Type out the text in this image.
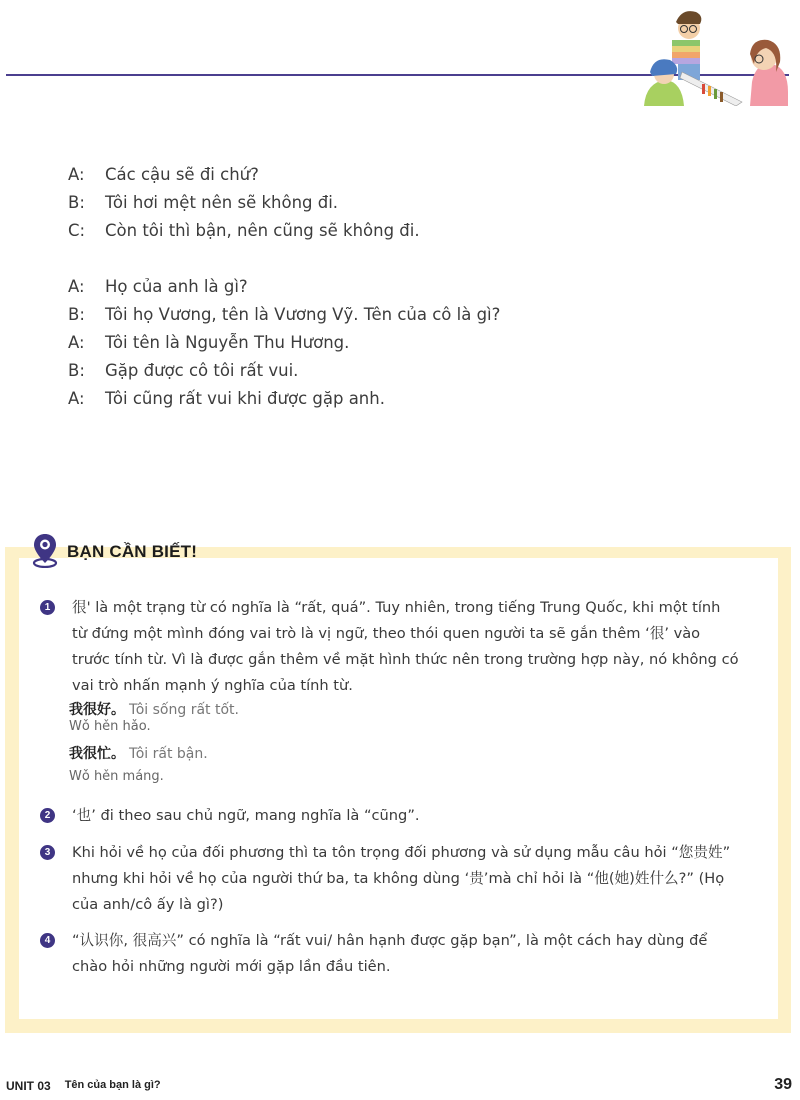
A:	Các cậu sẽ đi chứ?
B:	Tôi hơi mệt nên sẽ không đi.
C:	Còn tôi thì bận, nên cũng sẽ không đi.
A:	Họ của anh là gì?
B:	Tôi họ Vương, tên là Vương Vỹ. Tên của cô là gì?
A:	Tôi tên là Nguyễn Thu Hương.
B:	Gặp được cô tôi rất vui.
A:	Tôi cũng rất vui khi được gặp anh.
BẠN CẦN BIẾT!
1	很' là một trạng từ có nghĩa là “rất, quá”. Tuy nhiên, trong tiếng Trung Quốc, khi một tính từ đứng một mình đóng vai trò là vị ngữ, theo thói quen người ta sẽ gắn thêm ‘很’ vào trước tính từ. Vì là được gắn thêm về mặt hình thức nên trong trường hợp này, nó không có vai trò nhấn mạnh ý nghĩa của tính từ.
我很好。 Tôi sống rất tốt.
Wǒ hěn hǎo.
我很忙。 Tôi rất bận.
Wǒ hěn máng.
2	‘也’ đi theo sau chủ ngữ, mang nghĩa là “cũng”.
3	Khi hỏi về họ của đối phương thì ta tôn trọng đối phương và sử dụng mẫu câu hỏi “您贵姓” nhưng khi hỏi về họ của người thứ ba, ta không dùng ‘贵’mà chỉ hỏi là “他(她)姓什么?” (Họ của anh/cô ấy là gì?)
4	“认识你, 很高兴” có nghĩa là “rất vui/ hân hạnh được gặp bạn”, là một cách hay dùng để chào hỏi những người mới gặp lần đầu tiên.
UNIT 03 Tên của bạn là gì?	39
